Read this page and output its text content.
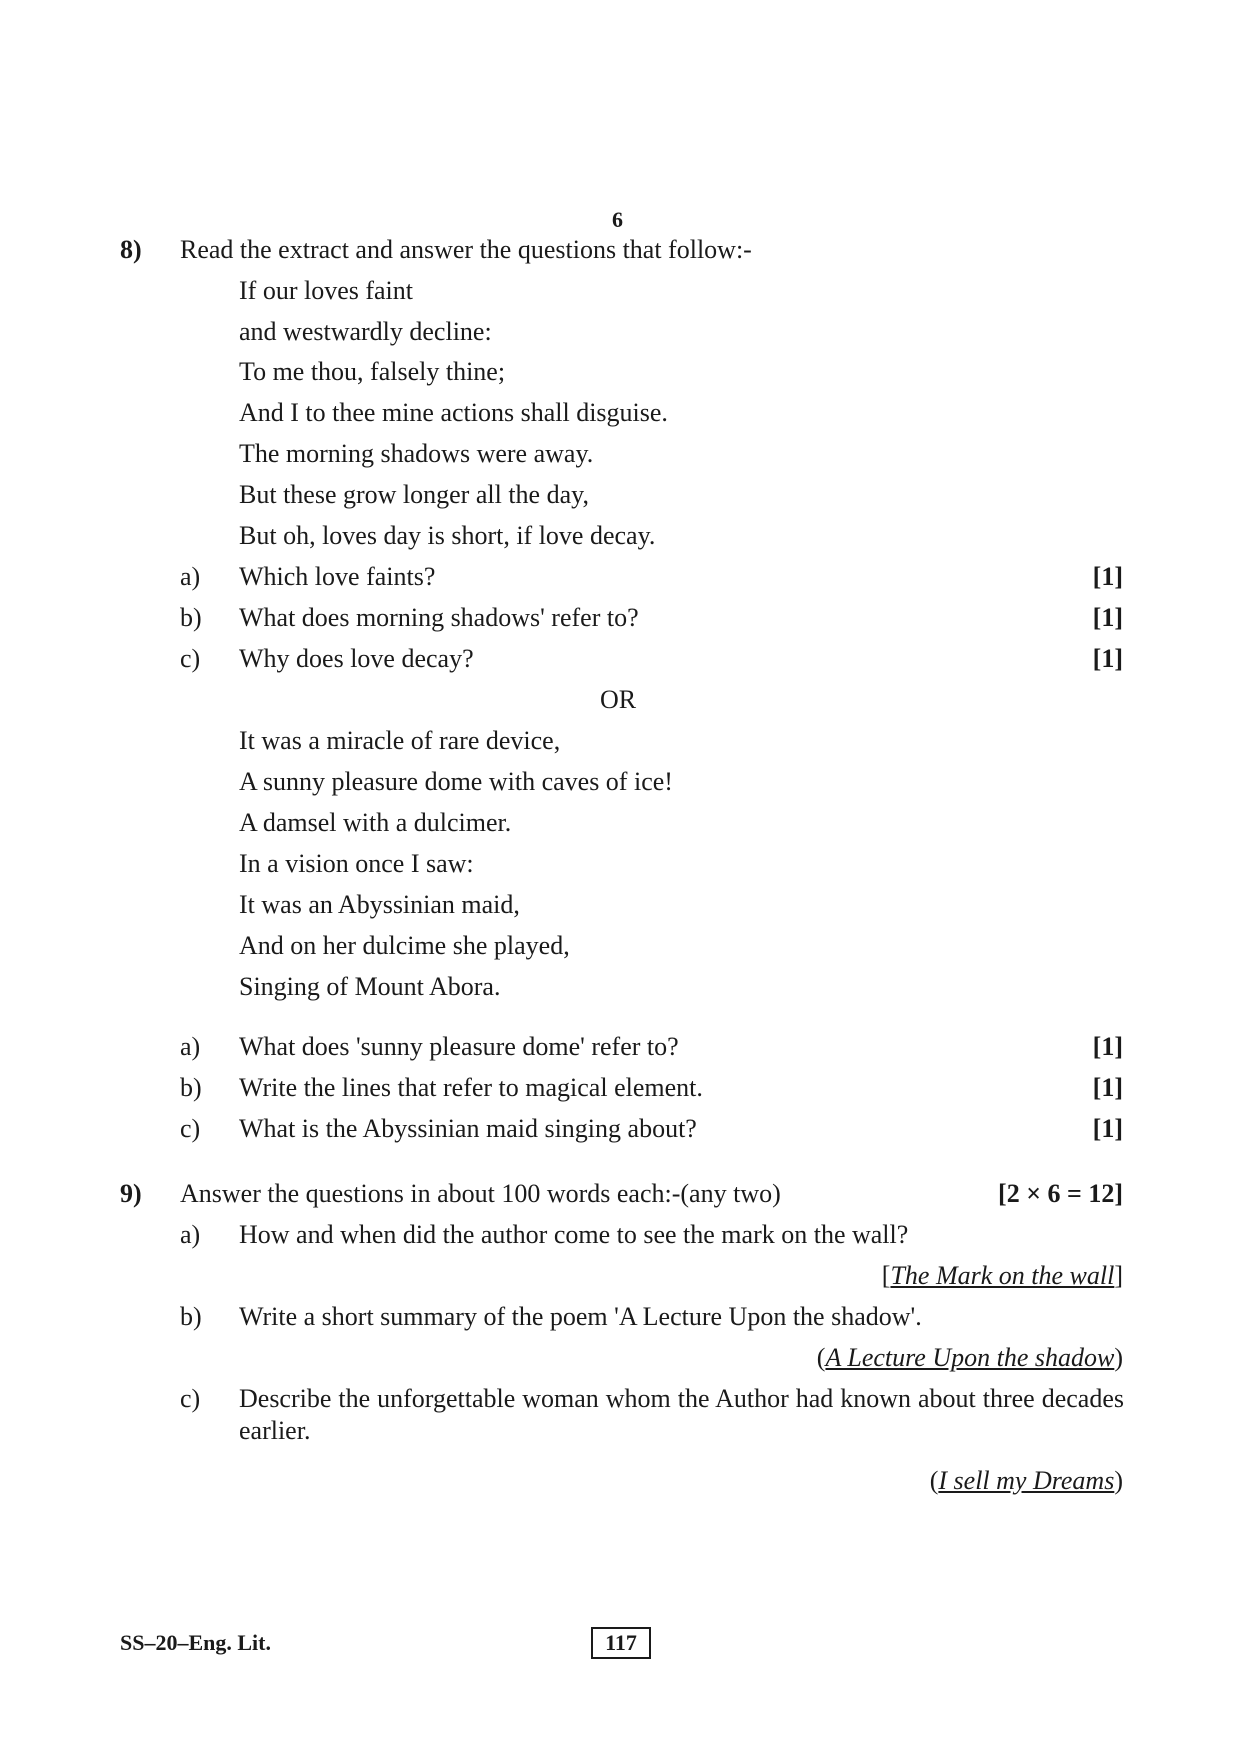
6
8) Read the extract and answer the questions that follow:-
If our loves faint
and westwardly decline:
To me thou, falsely thine;
And I to thee mine actions shall disguise.
The morning shadows were away.
But these grow longer all the day,
But oh, loves day is short, if love decay.
a) Which love faints?	[1]
b) What does morning shadows' refer to?	[1]
c) Why does love decay?	[1]
OR
It was a miracle of rare device,
A sunny pleasure dome with caves of ice!
A damsel with a dulcimer.
In a vision once I saw:
It was an Abyssinian maid,
And on her dulcime she played,
Singing of Mount Abora.
a) What does 'sunny pleasure dome' refer to?	[1]
b) Write the lines that refer to magical element.	[1]
c) What is the Abyssinian maid singing about?	[1]
9) Answer the questions in about 100 words each:-(any two)	[2 × 6 = 12]
a) How and when did the author come to see the mark on the wall?
[The Mark on the wall]
b) Write a short summary of the poem 'A Lecture Upon the shadow'.
(A Lecture Upon the shadow)
c) Describe the unforgettable woman whom the Author had known about three decades earlier.
(I sell my Dreams)
SS–20–Eng. Lit.	117
